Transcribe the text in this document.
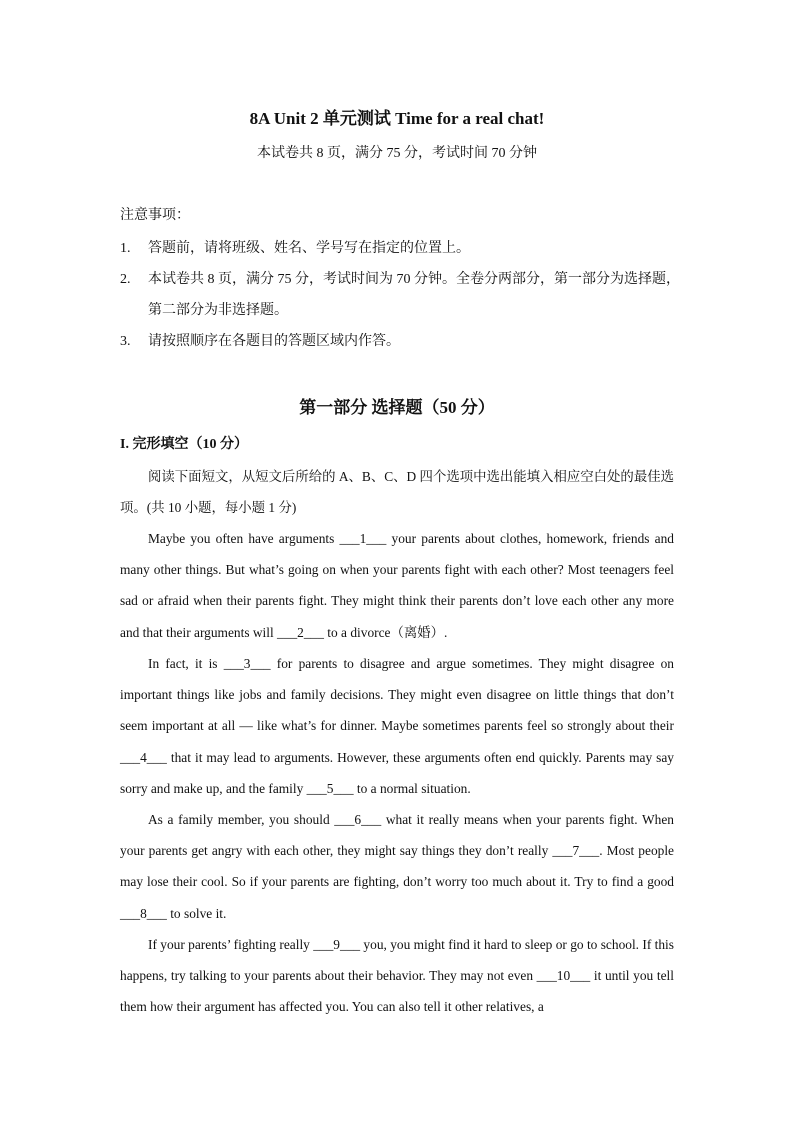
8A Unit 2 单元测试 Time for a real chat!
本试卷共 8 页，满分 75 分，考试时间 70 分钟
注意事项：
1.	答题前，请将班级、姓名、学号写在指定的位置上。
2.	本试卷共 8 页，满分 75 分，考试时间为 70 分钟。全卷分两部分，第一部分为选择题，第二部分为非选择题。
3.	请按照顺序在各题目的答题区域内作答。
第一部分 选择题（50 分）
I. 完形填空（10 分）
阅读下面短文，从短文后所给的 A、B、C、D 四个选项中选出能填入相应空白处的最佳选项。(共 10 小题，每小题 1 分)
Maybe you often have arguments ___1___ your parents about clothes, homework, friends and many other things. But what’s going on when your parents fight with each other? Most teenagers feel sad or afraid when their parents fight. They might think their parents don’t love each other any more and that their arguments will ___2___ to a divorce（离婚）.
In fact, it is ___3___ for parents to disagree and argue sometimes. They might disagree on important things like jobs and family decisions. They might even disagree on little things that don’t seem important at all — like what’s for dinner. Maybe sometimes parents feel so strongly about their ___4___ that it may lead to arguments. However, these arguments often end quickly. Parents may say sorry and make up, and the family ___5___ to a normal situation.
As a family member, you should ___6___ what it really means when your parents fight. When your parents get angry with each other, they might say things they don’t really ___7___. Most people may lose their cool. So if your parents are fighting, don’t worry too much about it. Try to find a good ___8___ to solve it.
If your parents’ fighting really ___9___ you, you might find it hard to sleep or go to school. If this happens, try talking to your parents about their behavior. They may not even ___10___ it until you tell them how their argument has affected you. You can also tell it other relatives, a
